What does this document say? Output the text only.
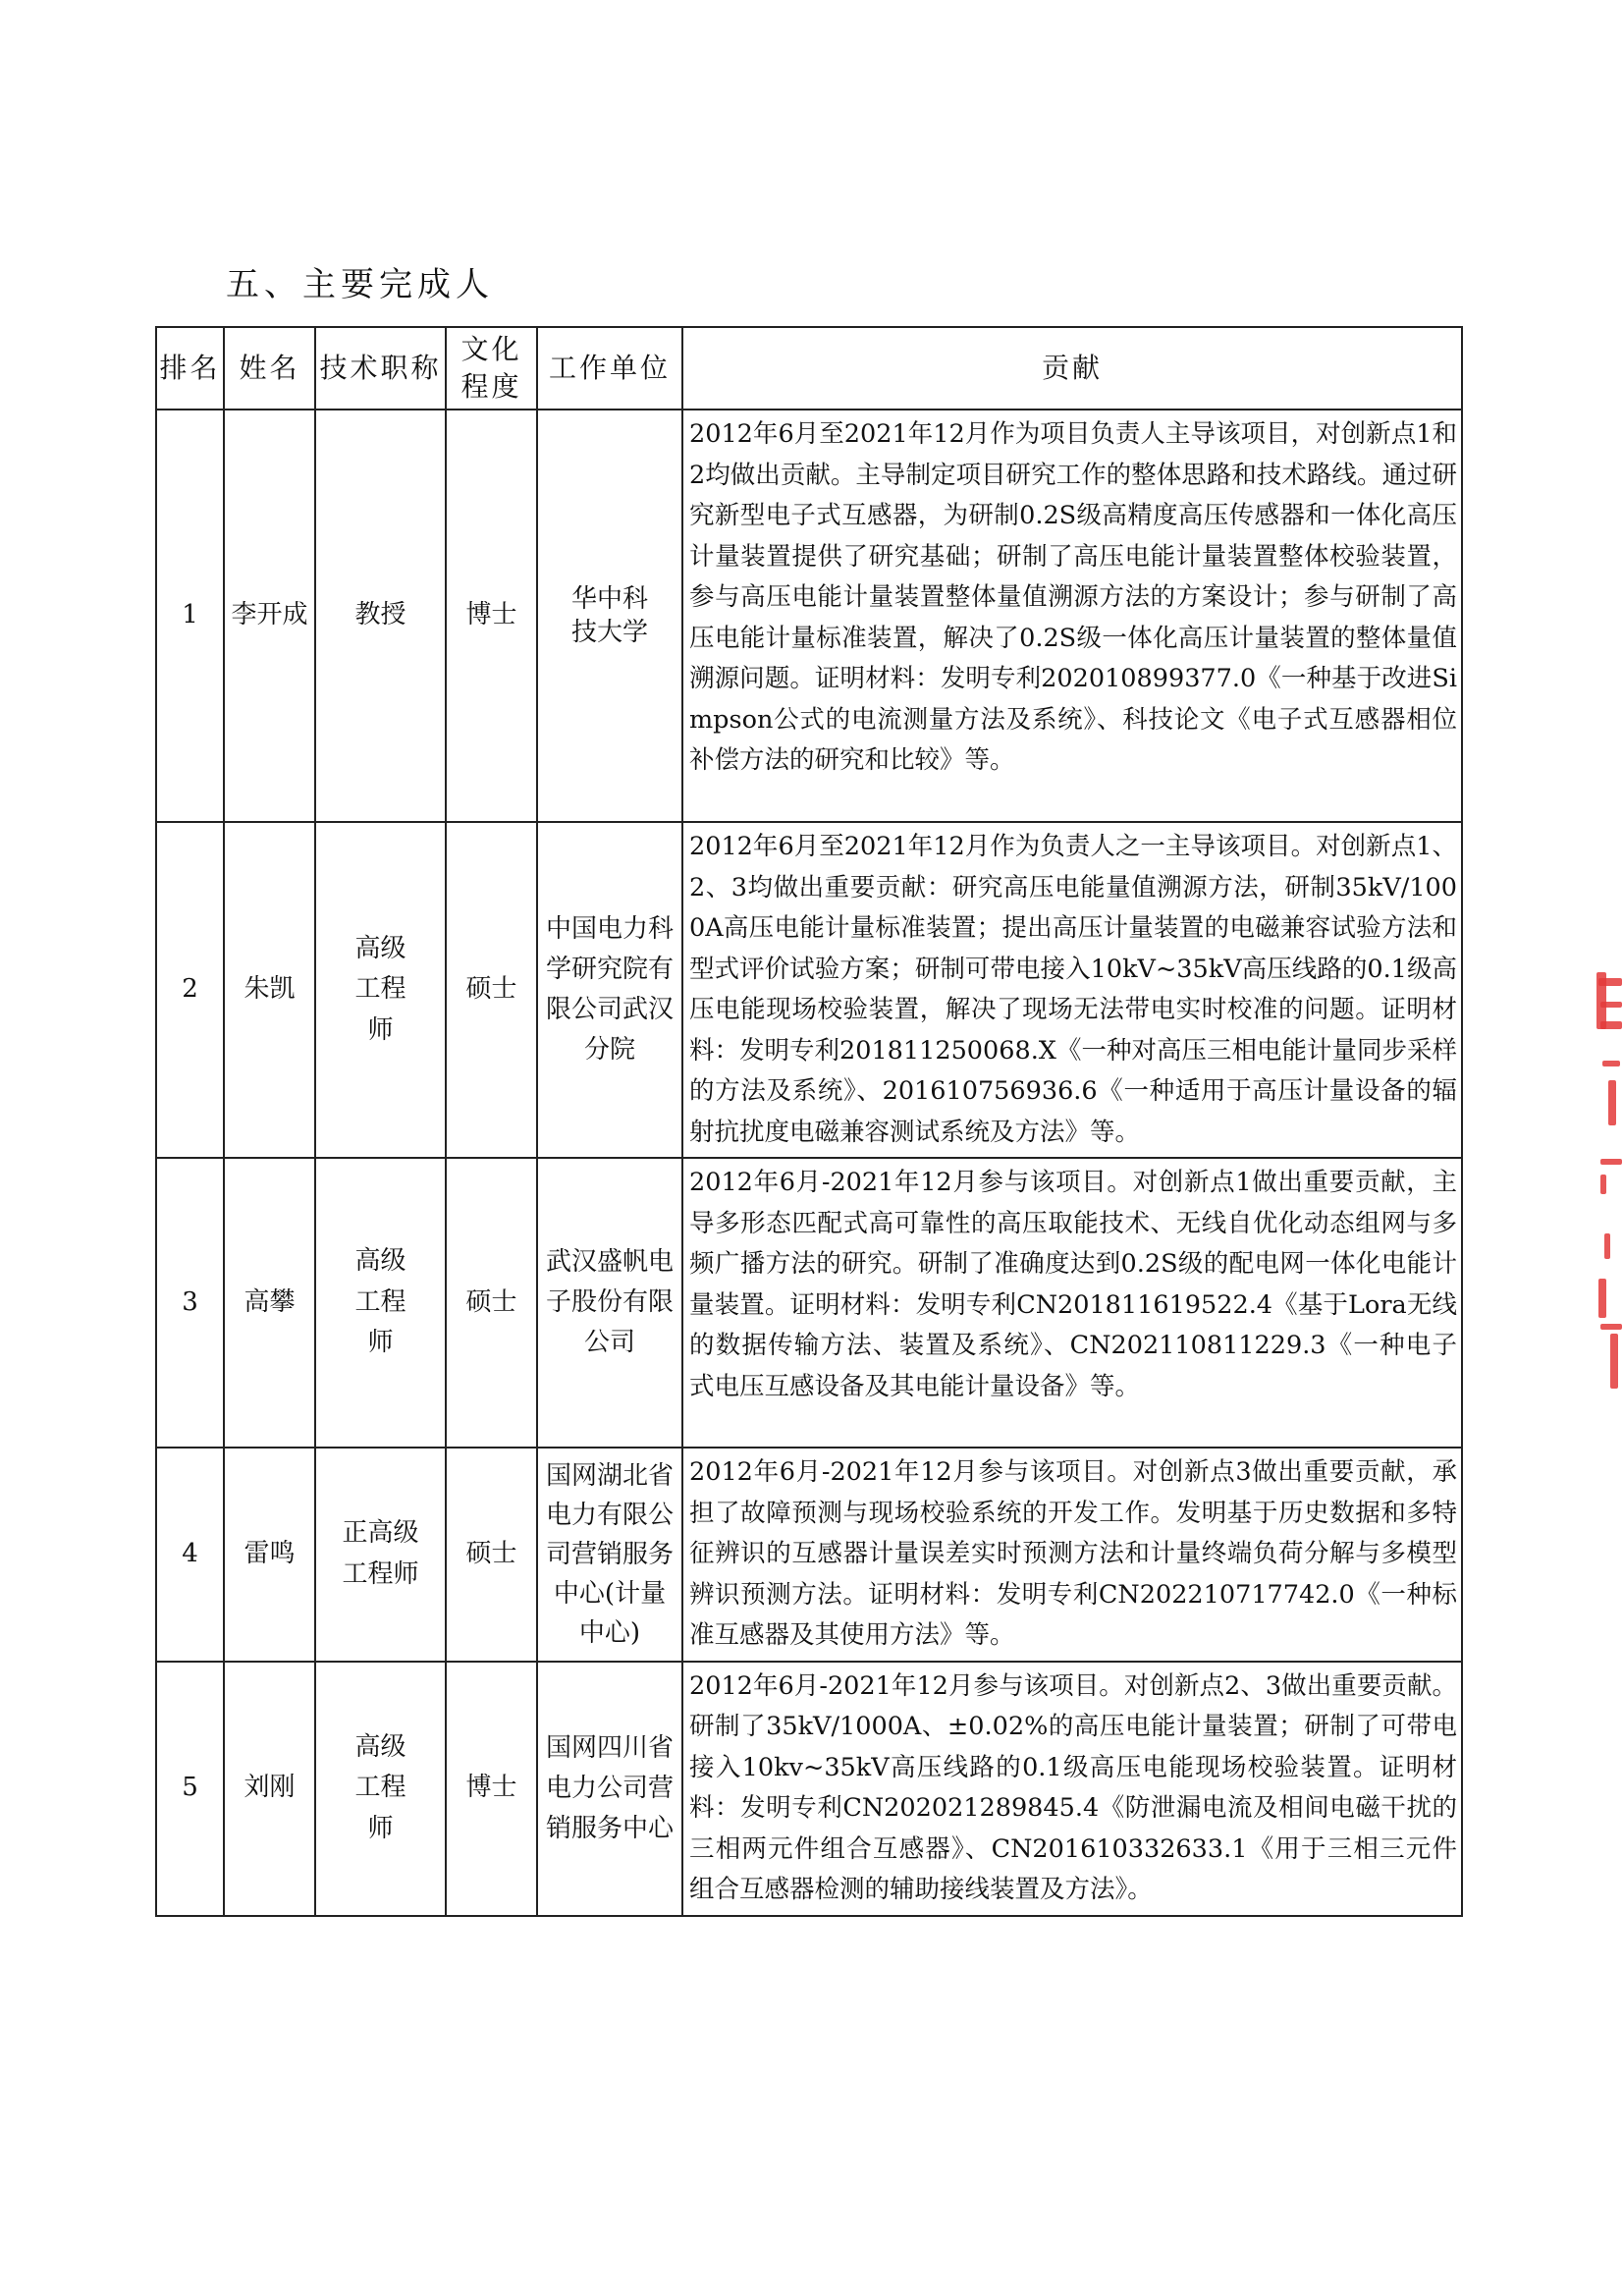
五、主要完成人
排名	姓名	技术职称	文化程度	工作单位	贡献
1	李开成	教授	博士	华中科技大学	2012年6月至2021年12月作为项目负责人主导该项目，对创新点1和2均做出贡献。主导制定项目研究工作的整体思路和技术路线。通过研究新型电子式互感器，为研制0.2S级高精度高压传感器和一体化高压计量装置提供了研究基础；研制了高压电能计量装置整体校验装置，参与高压电能计量装置整体量值溯源方法的方案设计；参与研制了高压电能计量标准装置，解决了0.2S级一体化高压计量装置的整体量值溯源问题。证明材料：发明专利202010899377.0《一种基于改进Simpson公式的电流测量方法及系统》、科技论文《电子式互感器相位补偿方法的研究和比较》等。
2	朱凯	高级工程师	硕士	中国电力科学研究院有限公司武汉分院	2012年6月至2021年12月作为负责人之一主导该项目。对创新点1、2、3均做出重要贡献：研究高压电能量值溯源方法，研制35kV/1000A高压电能计量标准装置；提出高压计量装置的电磁兼容试验方法和型式评价试验方案；研制可带电接入10kV~35kV高压线路的0.1级高压电能现场校验装置，解决了现场无法带电实时校准的问题。证明材料：发明专利201811250068.X《一种对高压三相电能计量同步采样的方法及系统》、201610756936.6《一种适用于高压计量设备的辐射抗扰度电磁兼容测试系统及方法》等。
3	高攀	高级工程师	硕士	武汉盛帆电子股份有限公司	2012年6月-2021年12月参与该项目。对创新点1做出重要贡献，主导多形态匹配式高可靠性的高压取能技术、无线自优化动态组网与多频广播方法的研究。研制了准确度达到0.2S级的配电网一体化电能计量装置。证明材料：发明专利CN201811619522.4《基于Lora无线的数据传输方法、装置及系统》、CN202110811229.3《一种电子式电压互感设备及其电能计量设备》等。
4	雷鸣	正高级工程师	硕士	国网湖北省电力有限公司营销服务中心(计量中心)	2012年6月-2021年12月参与该项目。对创新点3做出重要贡献，承担了故障预测与现场校验系统的开发工作。发明基于历史数据和多特征辨识的互感器计量误差实时预测方法和计量终端负荷分解与多模型辨识预测方法。证明材料：发明专利CN202210717742.0《一种标准互感器及其使用方法》等。
5	刘刚	高级工程师	博士	国网四川省电力公司营销服务中心	2012年6月-2021年12月参与该项目。对创新点2、3做出重要贡献。研制了35kV/1000A、±0.02%的高压电能计量装置；研制了可带电接入10kv~35kV高压线路的0.1级高压电能现场校验装置。证明材料：发明专利CN202021289845.4《防泄漏电流及相间电磁干扰的三相两元件组合互感器》、CN201610332633.1《用于三相三元件组合互感器检测的辅助接线装置及方法》。
